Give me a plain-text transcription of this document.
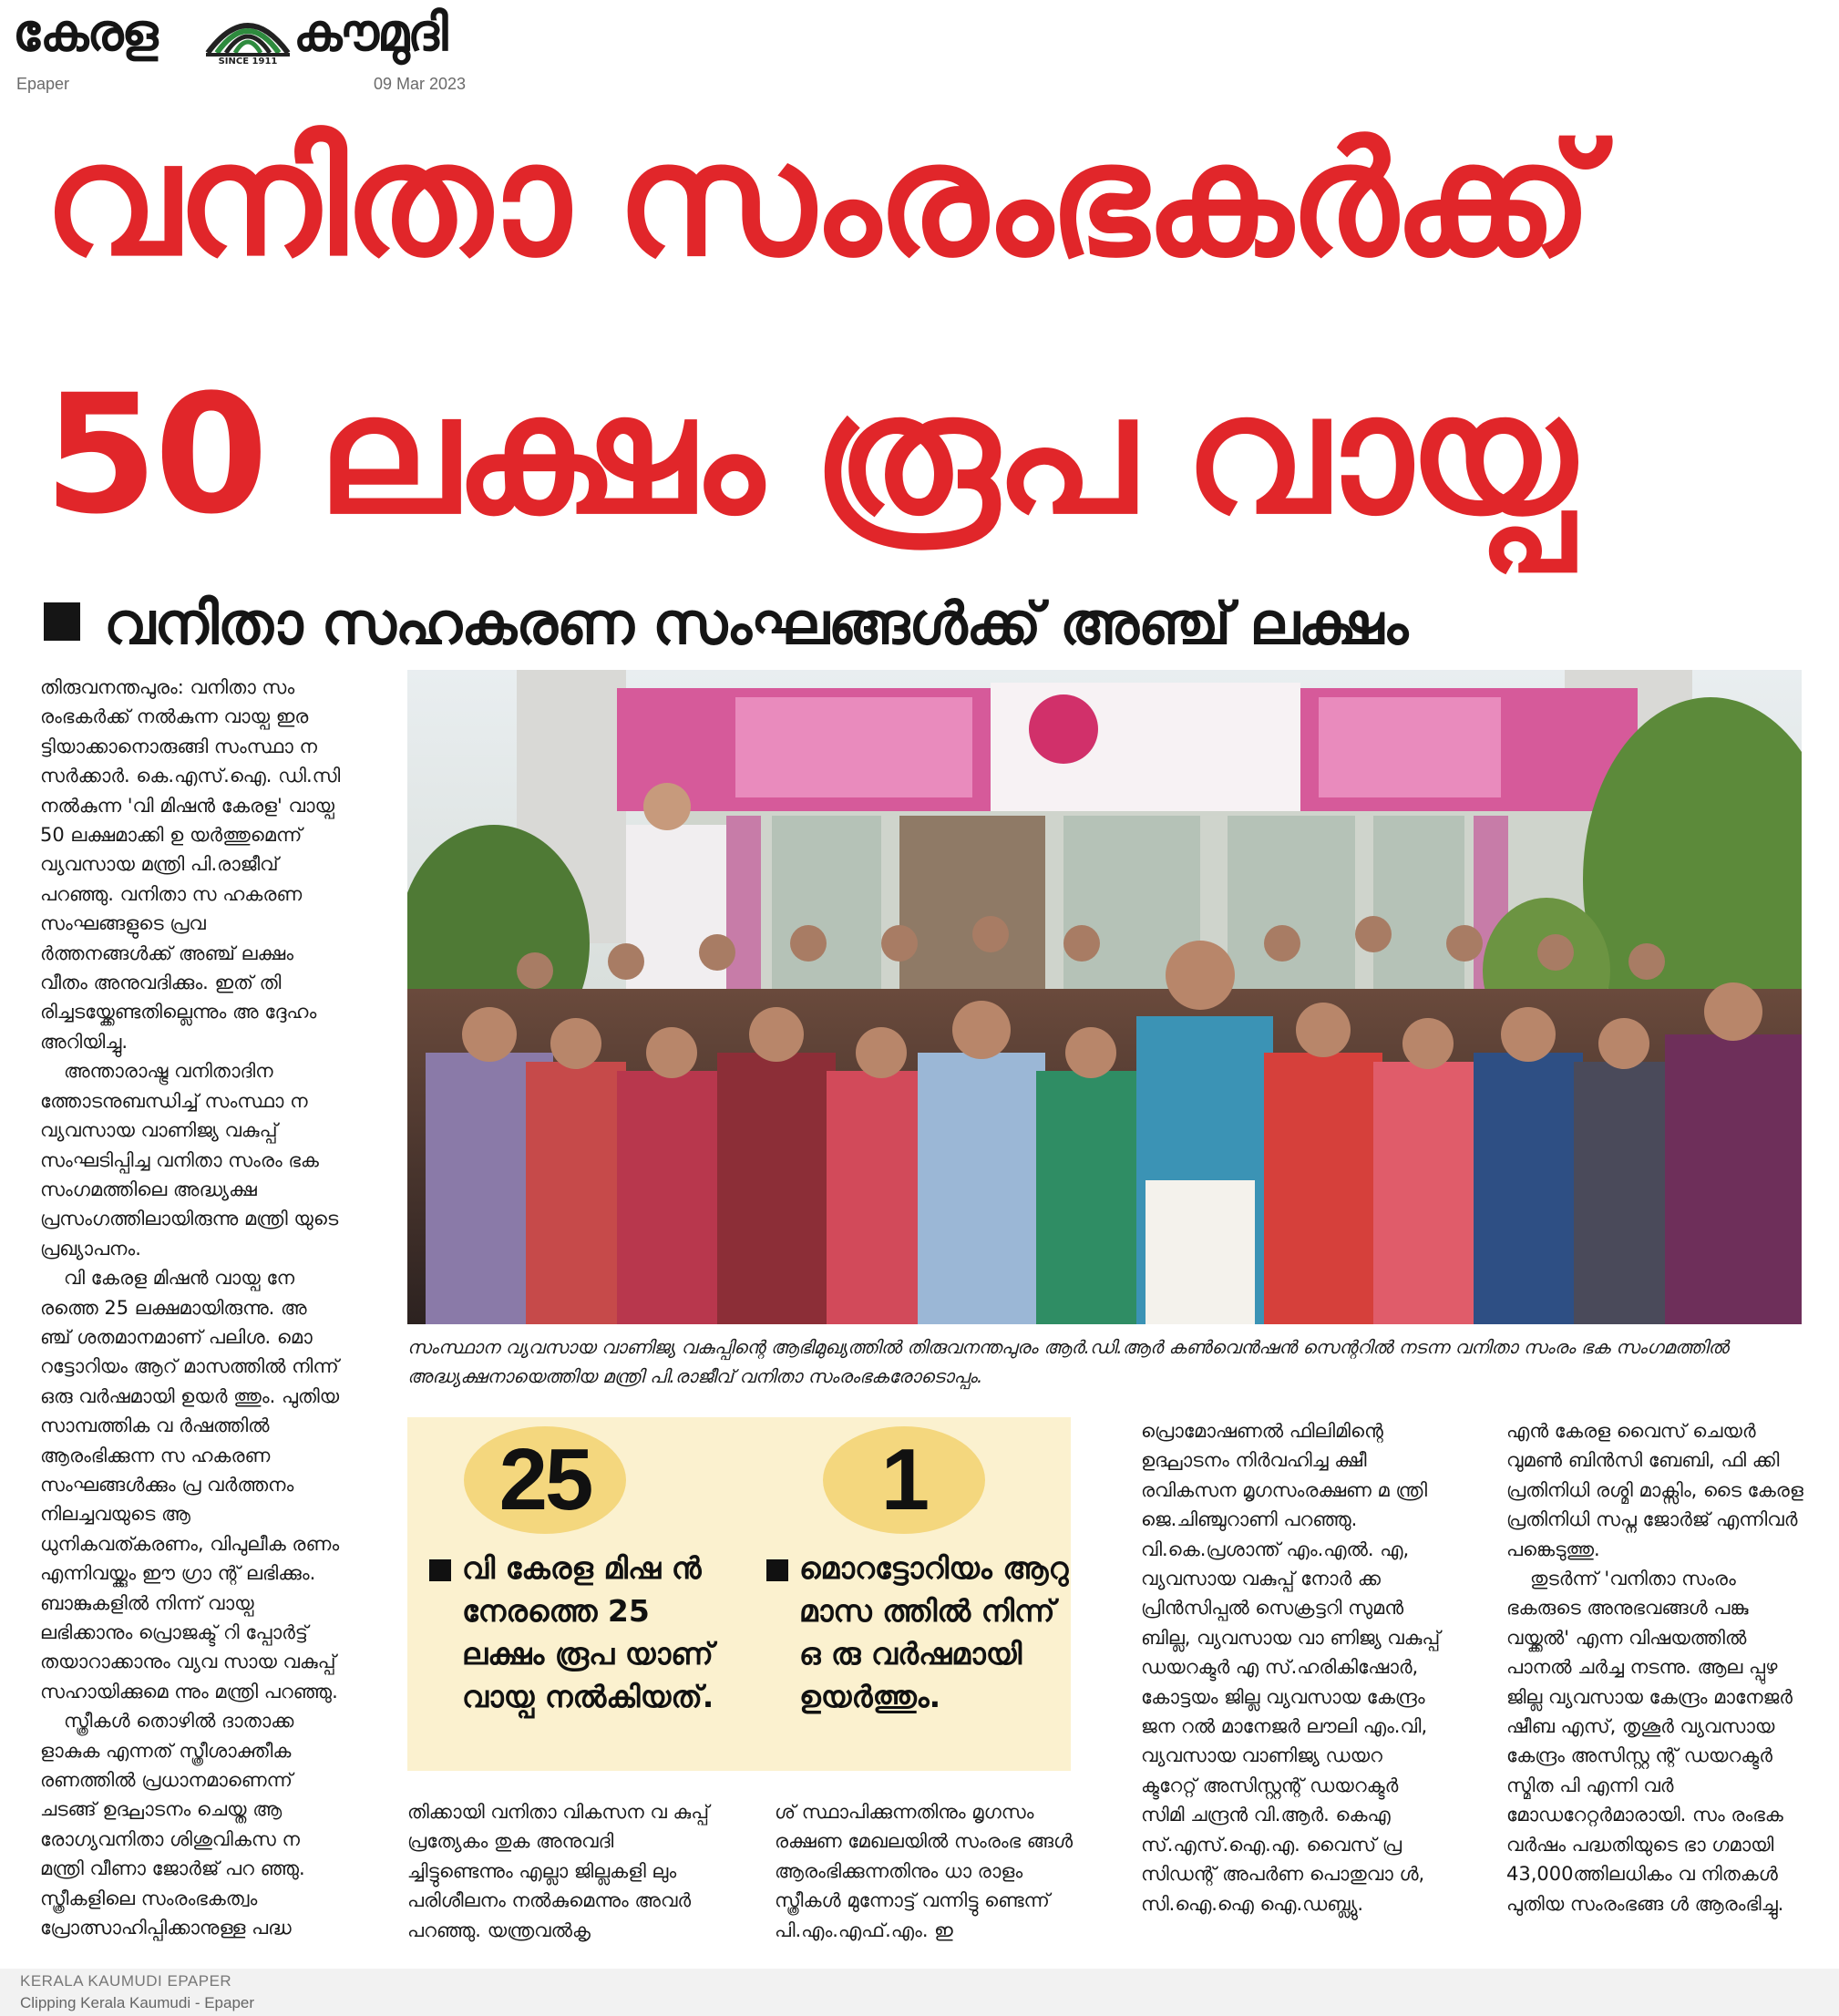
കേരള	SINCE 1911 കൗമുദി
Epaper	09 Mar 2023
വനിതാ സംരംഭകർക്ക്
50 ലക്ഷം രൂപ വായ്പ
വനിതാ സഹകരണ സംഘങ്ങൾക്ക് അഞ്ച് ലക്ഷം

തിരുവനന്തപുരം: വനിതാ സം രംഭകർക്ക് നൽകുന്ന വായ്പ ഇര ട്ടിയാക്കാനൊരുങ്ങി സംസ്ഥാ ന സർക്കാർ. കെ.എസ്.ഐ. ഡി.സി നൽകുന്ന 'വി മിഷൻ കേരള' വായ്പ 50 ലക്ഷമാക്കി ഉ യർത്തുമെന്ന് വ്യവസായ മന്ത്രി പി.രാജീവ് പറഞ്ഞു. വനിതാ സ ഹകരണ സംഘങ്ങളുടെ പ്രവ ർത്തനങ്ങൾക്ക് അഞ്ച് ലക്ഷം വീതം അനുവദിക്കും. ഇത് തി രിച്ചടയ്ക്കേണ്ടതില്ലെന്നും അ ദ്ദേഹം അറിയിച്ചു.

അന്താരാഷ്ട്ര വനിതാദിന ത്തോടനുബന്ധിച്ച് സംസ്ഥാ ന വ്യവസായ വാണിജ്യ വകുപ്പ് സംഘടിപ്പിച്ച വനിതാ സംരം ഭക സംഗമത്തിലെ അദ്ധ്യക്ഷ പ്രസംഗത്തിലായിരുന്നു മന്ത്രി യുടെ പ്രഖ്യാപനം.

വി കേരള മിഷൻ വായ്പ നേ രത്തെ 25 ലക്ഷമായിരുന്നു. അ ഞ്ച് ശതമാനമാണ് പലിശ. മൊ റട്ടോറിയം ആറ് മാസത്തിൽ നിന്ന് ഒരു വർഷമായി ഉയർ ത്തും. പുതിയ സാമ്പത്തിക വ ർഷത്തിൽ ആരംഭിക്കുന്ന സ ഹകരണ സംഘങ്ങൾക്കും പ്ര വർത്തനം നിലച്ചവയുടെ ആ ധുനികവത്കരണം, വിപുലീക രണം എന്നിവയ്ക്കും ഈ ഗ്രാ ന്റ് ലഭിക്കും. ബാങ്കുകളിൽ നിന്ന് വായ്പ ലഭിക്കാനും പ്രൊജക്ട് റി പ്പോർട്ട് തയാറാക്കാനും വ്യവ സായ വകുപ്പ് സഹായിക്കുമെ ന്നും മന്ത്രി പറഞ്ഞു.

സ്ത്രീകൾ തൊഴിൽ ദാതാക്ക ളാകുക എന്നത് സ്ത്രീശാക്തീക രണത്തിൽ പ്രധാനമാണെന്ന് ചടങ്ങ് ഉദ്ഘാടനം ചെയ്ത ആ രോഗ്യവനിതാ ശിശുവികസ ന മന്ത്രി വീണാ ജോർജ് പറ ഞ്ഞു. സ്ത്രീകളിലെ സംരംഭകത്വം പ്രോത്സാഹിപ്പിക്കാനുള്ള പദ്ധ

സംസ്ഥാന വ്യവസായ വാണിജ്യ വകുപ്പിന്റെ ആഭിമുഖ്യത്തിൽ തിരുവനന്തപുരം ആർ.ഡി.ആർ കൺവെൻഷൻ സെന്ററിൽ നടന്ന വനിതാ സംരം ഭക സംഗമത്തിൽ അദ്ധ്യക്ഷനായെത്തിയ മന്ത്രി പി.രാജീവ് വനിതാ സംരംഭകരോടൊപ്പം.
25
വി കേരള മിഷ ൻ നേരത്തെ 25 ലക്ഷം രൂപ യാണ് വായ്പ നൽകിയത്.
1
മൊറട്ടോറിയം ആറു മാസ ത്തിൽ നിന്ന് ഒ രു വർഷമായി ഉയർത്തും.
തിക്കായി വനിതാ വികസന വ കുപ്പ് പ്രത്യേകം തുക അനുവദി ച്ചിട്ടുണ്ടെന്നും എല്ലാ ജില്ലകളി ലും പരിശീലനം നൽകുമെന്നും അവർ പറഞ്ഞു. യന്ത്രവൽകൃ
ശ് സ്ഥാപിക്കുന്നതിനും മൃഗസം രക്ഷണ മേഖലയിൽ സംരംഭ ങ്ങൾ ആരംഭിക്കുന്നതിനും ധാ രാളം സ്ത്രീകൾ മുന്നോട്ട് വന്നിട്ടു ണ്ടെന്ന് പി.എം.എഫ്.എം. ഇ
പ്രൊമോഷണൽ ഫിലിമിന്റെ ഉദ്ഘാടനം നിർവഹിച്ച ക്ഷീ രവികസന മൃഗസംരക്ഷണ മ ന്ത്രി ജെ.ചിഞ്ചുറാണി പറഞ്ഞു. വി.കെ.പ്രശാന്ത് എം.എൽ. എ, വ്യവസായ വകുപ്പ് നോർ ക്ക പ്രിൻസിപ്പൽ സെക്രട്ടറി സുമൻ ബില്ല, വ്യവസായ വാ ണിജ്യ വകുപ്പ് ഡയറക്ടർ എ സ്.ഹരികിഷോർ, കോട്ടയം ജില്ല വ്യവസായ കേന്ദ്രം ജന റൽ മാനേജർ ലൗലി എം.വി, വ്യവസായ വാണിജ്യ ഡയറ ക്ടറേറ്റ് അസിസ്റ്റന്റ് ഡയറക്ടർ സിമി ചന്ദ്രൻ വി.ആർ. കെഎ സ്.എസ്.ഐ.എ. വൈസ് പ്ര സിഡന്റ് അപർണ പൊതുവാ ൾ, സി.ഐ.ഐ ഐ.ഡബ്ല്യു.

എൻ കേരള വൈസ് ചെയർ വുമൺ ബിൻസി ബേബി, ഫി ക്കി പ്രതിനിധി രശ്മി മാക്സിം, ടൈ കേരള പ്രതിനിധി സപ്ന ജോർജ് എന്നിവർ പങ്കെടുത്തു.

തുടർന്ന് 'വനിതാ സംരം ഭകരുടെ അനുഭവങ്ങൾ പങ്കു വയ്ക്കൽ' എന്ന വിഷയത്തിൽ പാനൽ ചർച്ച നടന്നു. ആല പ്പുഴ ജില്ല വ്യവസായ കേന്ദ്രം മാനേജർ ഷീബ എസ്, തൃശൂർ വ്യവസായ കേന്ദ്രം അസിസ്റ്റ ന്റ് ഡയറക്ടർ സ്മിത പി എന്നി വർ മോഡറേറ്റർമാരായി. സം രംഭക വർഷം പദ്ധതിയുടെ ഭാ ഗമായി 43,000ത്തിലധികം വ നിതകൾ പുതിയ സംരംഭങ്ങ ൾ ആരംഭിച്ചു.

KERALA KAUMUDI EPAPER
Clipping Kerala Kaumudi - Epaper
